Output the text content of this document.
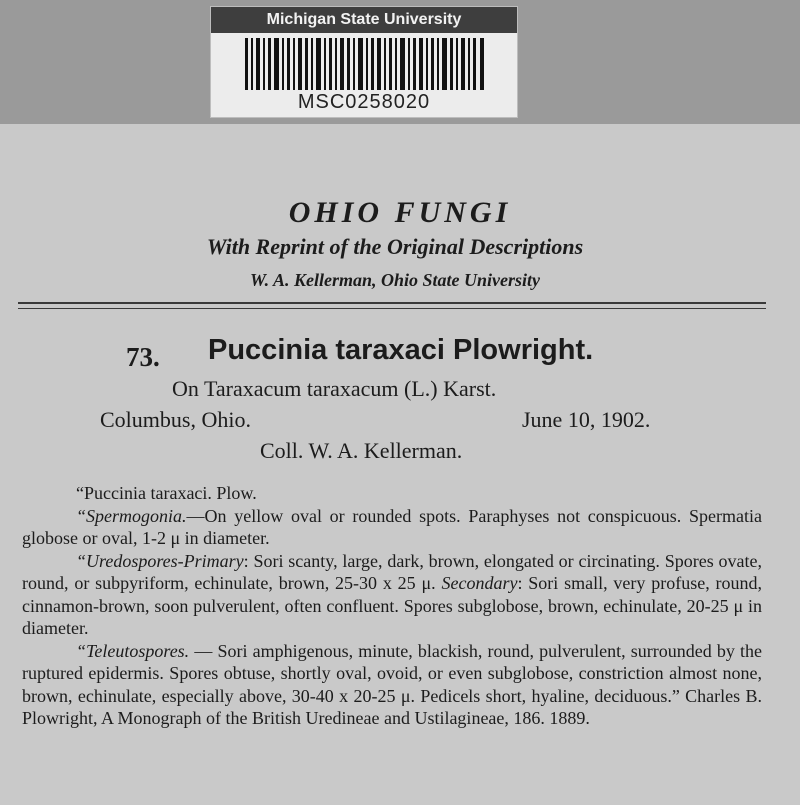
Michigan State University
MSC0258020
OHIO FUNGI
With Reprint of the Original Descriptions
W. A. Kellerman, Ohio State University
73. Puccinia taraxaci Plowright.
On Taraxacum taraxacum (L.) Karst.
Columbus, Ohio.	June 10, 1902.
Coll. W. A. Kellerman.

“Puccinia taraxaci. Plow.

“Spermogonia.—On yellow oval or rounded spots. Paraphyses not conspicuous. Spermatia globose or oval, 1-2 μ in diameter.

“Uredospores-Primary: Sori scanty, large, dark, brown, elongated or circinating. Spores ovate, round, or subpyriform, echinulate, brown, 25-30 x 25 μ. Secondary: Sori small, very profuse, round, cinnamon-brown, soon pulverulent, often confluent. Spores subglobose, brown, echinulate, 20-25 μ in diameter.

“Teleutospores. — Sori amphigenous, minute, blackish, round, pulverulent, surrounded by the ruptured epidermis. Spores obtuse, shortly oval, ovoid, or even subglobose, constriction almost none, brown, echinulate, especially above, 30-40 x 20-25 μ. Pedicels short, hyaline, deciduous.” Charles B. Plowright, A Monograph of the British Uredineae and Ustilagineae, 186. 1889.
